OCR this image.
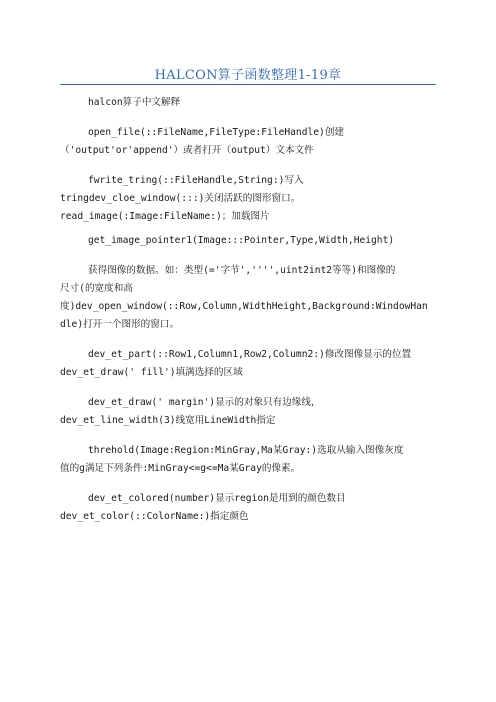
HALCON算子函数整理1-19章
halcon算子中文解释
open_file(::FileName,FileType:FileHandle)创建
（'output'or'append'）或者打开（output）文本文件
fwrite_tring(::FileHandle,String:)写入
tringdev_cloe_window(:::)关闭活跃的图形窗口。
read_image(:Image:FileName:)；加载图片
get_image_pointer1(Image:::Pointer,Type,Width,Height)
获得图像的数据。如：类型(='字节','''',uint2int2等等)和图像的
尺寸(的宽度和高
度)dev_open_window(::Row,Column,WidthHeight,Background:WindowHan
dle)打开一个图形的窗口。
dev_et_part(::Row1,Column1,Row2,Column2:)修改图像显示的位置
dev_et_draw(' fill')填满选择的区域
dev_et_draw(' margin')显示的对象只有边缘线，
dev_et_line_width(3)线宽用LineWidth指定
threhold(Image:Region:MinGray,Ma某Gray:)选取从输入图像灰度
值的g满足下列条件:MinGray<=g<=Ma某Gray的像素。
dev_et_colored(number)显示region是用到的颜色数目
dev_et_color(::ColorName:)指定颜色
